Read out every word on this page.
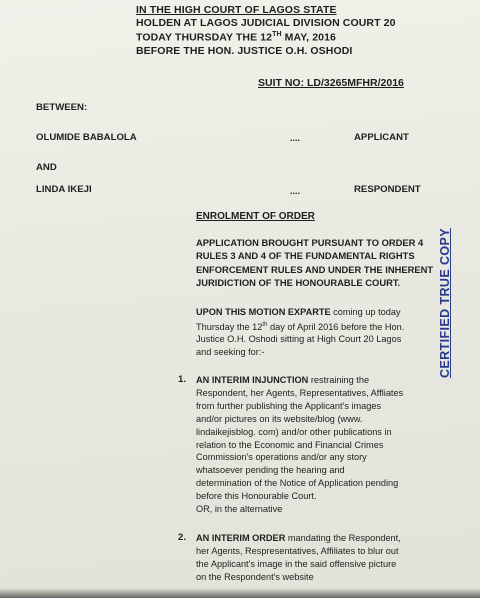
IN THE HIGH COURT OF LAGOS STATE
HOLDEN AT LAGOS JUDICIAL DIVISION COURT 20
TODAY THURSDAY THE 12TH MAY, 2016
BEFORE THE HON. JUSTICE O.H. OSHODI
SUIT NO: LD/3265MFHR/2016
BETWEEN:
OLUMIDE BABALOLA	....	APPLICANT
AND
LINDA IKEJI	....	RESPONDENT
ENROLMENT OF ORDER
APPLICATION BROUGHT PURSUANT TO ORDER 4
RULES 3 AND 4 OF THE FUNDAMENTAL RIGHTS
ENFORCEMENT RULES AND UNDER THE INHERENT
JURIDICTION OF THE HONOURABLE COURT.
UPON THIS MOTION EXPARTE coming up today
Thursday the 12th day of April 2016 before the Hon.
Justice O.H. Oshodi sitting at High Court 20 Lagos
and seeking for:-
1. AN INTERIM INJUNCTION restraining the
Respondent, her Agents, Representatives, Affliates
from further publishing the Applicant's images
and/or pictures on its website/blog (www.
lindaikejisblog. com) and/or other publications in
relation to the Economic and Financial Crimes
Commission's operations and/or any story
whatsoever pending the hearing and
determination of the Notice of Application pending
before this Honourable Court.
OR, in the alternative
2. AN INTERIM ORDER mandating the Respondent,
her Agents, Respresentatives, Affiliates to blur out
the Applicant's image in the said offensive picture
on the Respondent's website
CERTIFIED TRUE COPY
